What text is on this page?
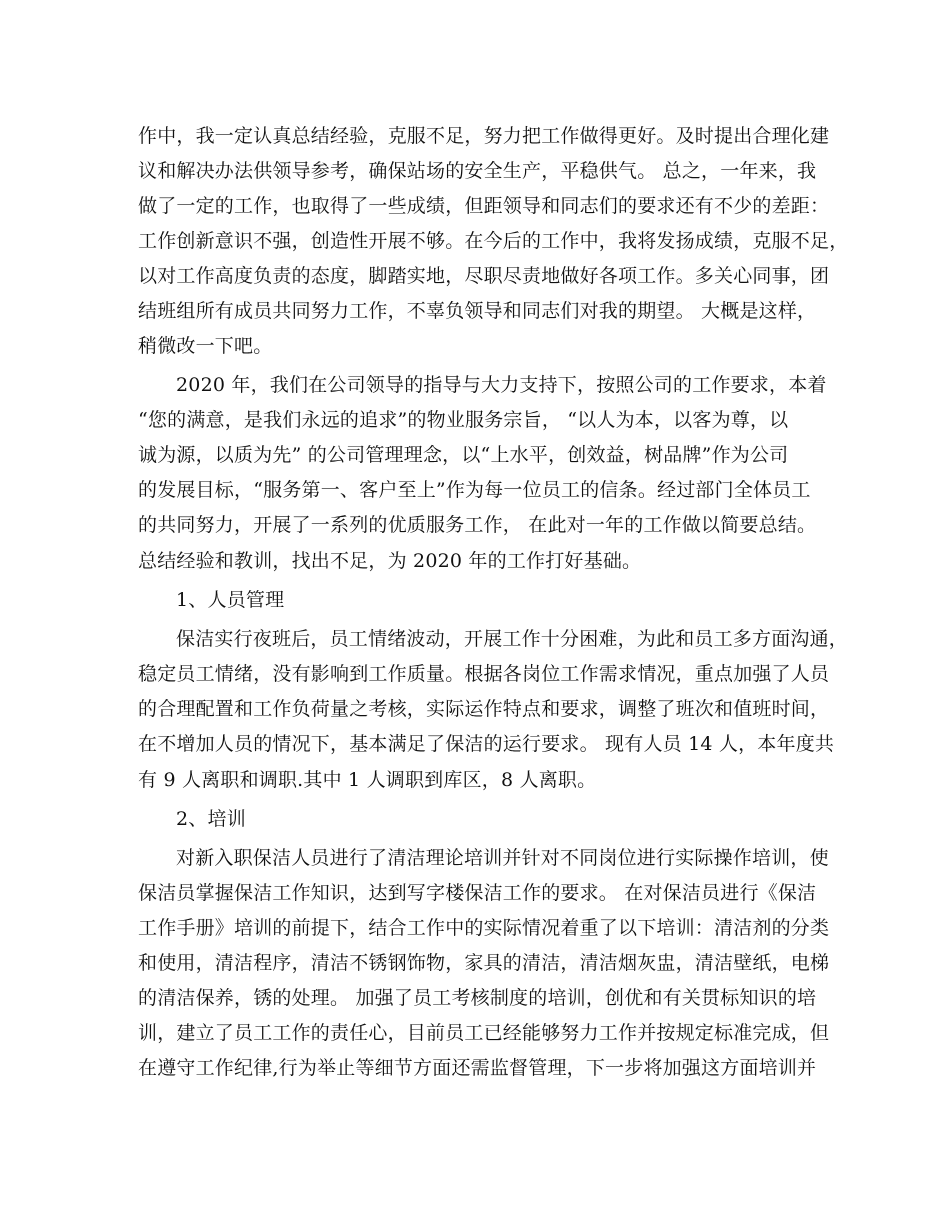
作中，我一定认真总结经验，克服不足，努力把工作做得更好。及时提出合理化建
议和解决办法供领导参考，确保站场的安全生产，平稳供气。 总之，一年来，我
做了一定的工作，也取得了一些成绩，但距领导和同志们的要求还有不少的差距：
工作创新意识不强，创造性开展不够。在今后的工作中，我将发扬成绩，克服不足，
以对工作高度负责的态度，脚踏实地，尽职尽责地做好各项工作。多关心同事，团
结班组所有成员共同努力工作，不辜负领导和同志们对我的期望。 大概是这样，
稍微改一下吧。
2020 年，我们在公司领导的指导与大力支持下，按照公司的工作要求，本着
“您的满意，是我们永远的追求”的物业服务宗旨， “以人为本，以客为尊，以
诚为源，以质为先” 的公司管理理念，以“上水平，创效益，树品牌”作为公司
的发展目标，“服务第一、客户至上”作为每一位员工的信条。经过部门全体员工
的共同努力，开展了一系列的优质服务工作， 在此对一年的工作做以简要总结。
总结经验和教训，找出不足，为 2020 年的工作打好基础。
1、人员管理
保洁实行夜班后，员工情绪波动，开展工作十分困难，为此和员工多方面沟通，
稳定员工情绪，没有影响到工作质量。根据各岗位工作需求情况，重点加强了人员
的合理配置和工作负荷量之考核，实际运作特点和要求，调整了班次和值班时间，
在不增加人员的情况下，基本满足了保洁的运行要求。 现有人员 14 人，本年度共
有 9 人离职和调职.其中 1 人调职到库区，8 人离职。
2、培训
对新入职保洁人员进行了清洁理论培训并针对不同岗位进行实际操作培训，使
保洁员掌握保洁工作知识，达到写字楼保洁工作的要求。 在对保洁员进行《保洁
工作手册》培训的前提下，结合工作中的实际情况着重了以下培训：清洁剂的分类
和使用，清洁程序，清洁不锈钢饰物，家具的清洁，清洁烟灰盅，清洁壁纸，电梯
的清洁保养，锈的处理。 加强了员工考核制度的培训，创优和有关贯标知识的培
训，建立了员工工作的责任心，目前员工已经能够努力工作并按规定标准完成，但
在遵守工作纪律,行为举止等细节方面还需监督管理，下一步将加强这方面培训并
